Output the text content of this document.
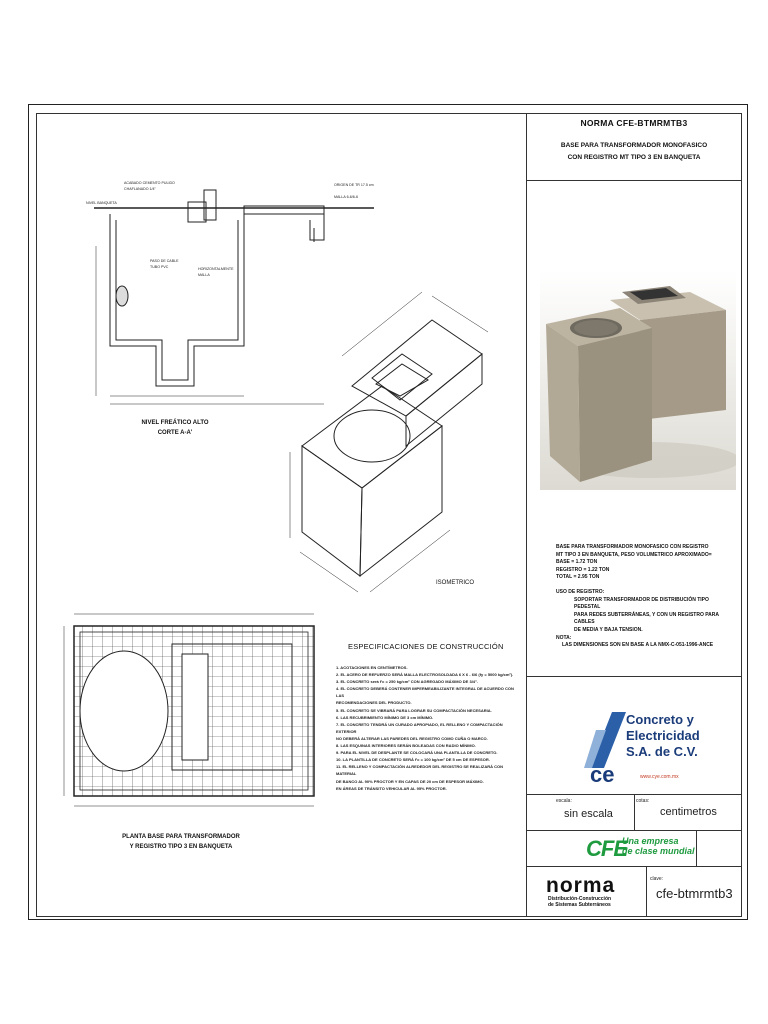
NORMA CFE-BTMRMTB3
BASE PARA TRANSFORMADOR MONOFASICO
CON REGISTRO MT TIPO 3 EN BANQUETA
BASE PARA TRANSFORMADOR MONOFASICO CON REGISTRO
MT TIPO 3 EN BANQUETA, PESO VOLUMETRICO APROXIMADO=
BASE = 1.72 TON
REGISTRO = 1.22 TON
TOTAL = 2.95 TON
USO DE REGISTRO:
SOPORTAR TRANSFORMADOR DE DISTRIBUCIÓN TIPO PEDESTAL
PARA REDES SUBTERRÁNEAS, Y CON UN REGISTRO PARA CABLES
DE MEDIA Y BAJA TENSION.
NOTA:
LAS DIMENSIONES SON EN BASE A LA NMX-C-051-1996-ANCE
ce
Concreto y
Electricidad
S.A. de C.V.
www.cye.com.mx
escala:
sin escala
cotas:
centimetros
CFE
Una empresa
de clase mundial
norma
Distribución-Construcción
de Sistemas Subterráneos
clave:
cfe-btmrmtb3
ACABADO CEMENTO PULIDO
CHAFLANADO 1/4"
ORIGEN DE TR 17.5 cm
MALLA 6-6/6-6
NIVEL BANQUETA
PASO DE CABLE
TUBO PVC	HORIZONTALMENTE
MALLA
NIVEL FREÁTICO ALTO
CORTE A-A'
ISOMETRICO
PLANTA BASE PARA TRANSFORMADOR
Y REGISTRO TIPO 3 EN BANQUETA
ESPECIFICACIONES DE CONSTRUCCIÓN
1. ACOTACIONES EN CENTÍMETROS.
2. EL ACERO DE REFUERZO SERÁ MALLA ELECTROSOLDADA 6 X 6 - 6/6 (fy = 5000 kg/cm²).
3. EL CONCRETO será f'c = 250 kg/cm² CON AGREGADO MÁXIMO DE 3/4".
4. EL CONCRETO DEBERÁ CONTENER IMPERMEABILIZANTE INTEGRAL DE ACUERDO CON LAS
RECOMENDACIONES DEL PRODUCTO.
5. EL CONCRETO SE VIBRARÁ PARA LOGRAR SU COMPACTACIÓN NECESARIA.
6. LAS RECUBRIMIENTO MÍNIMO DE 3 cm MÍNIMO.
7. EL CONCRETO TENDRÁ UN CURADO APROPIADO, EL RELLENO Y COMPACTACIÓN EXTERIOR
NO DEBERÁ ALTERAR LAS PAREDES DEL REGISTRO COMO CUÑA O MARCO.
8. LAS ESQUINAS INTERIORES SERÁN BOLEADAS CON RADIO MÍNIMO.
9. PARA EL NIVEL DE DESPLANTE SE COLOCARÁ UNA PLANTILLA DE CONCRETO.
10. LA PLANTILLA DE CONCRETO SERÁ f'c = 100 kg/cm² DE 5 cm DE ESPESOR.
11. EL RELLENO Y COMPACTACIÓN ALREDEDOR DEL REGISTRO SE REALIZARÁ CON MATERIAL
DE BANCO AL 90% PROCTOR Y EN CAPAS DE 20 cm DE ESPESOR MÁXIMO.
EN ÁREAS DE TRÁNSITO VEHICULAR AL 95% PROCTOR.
